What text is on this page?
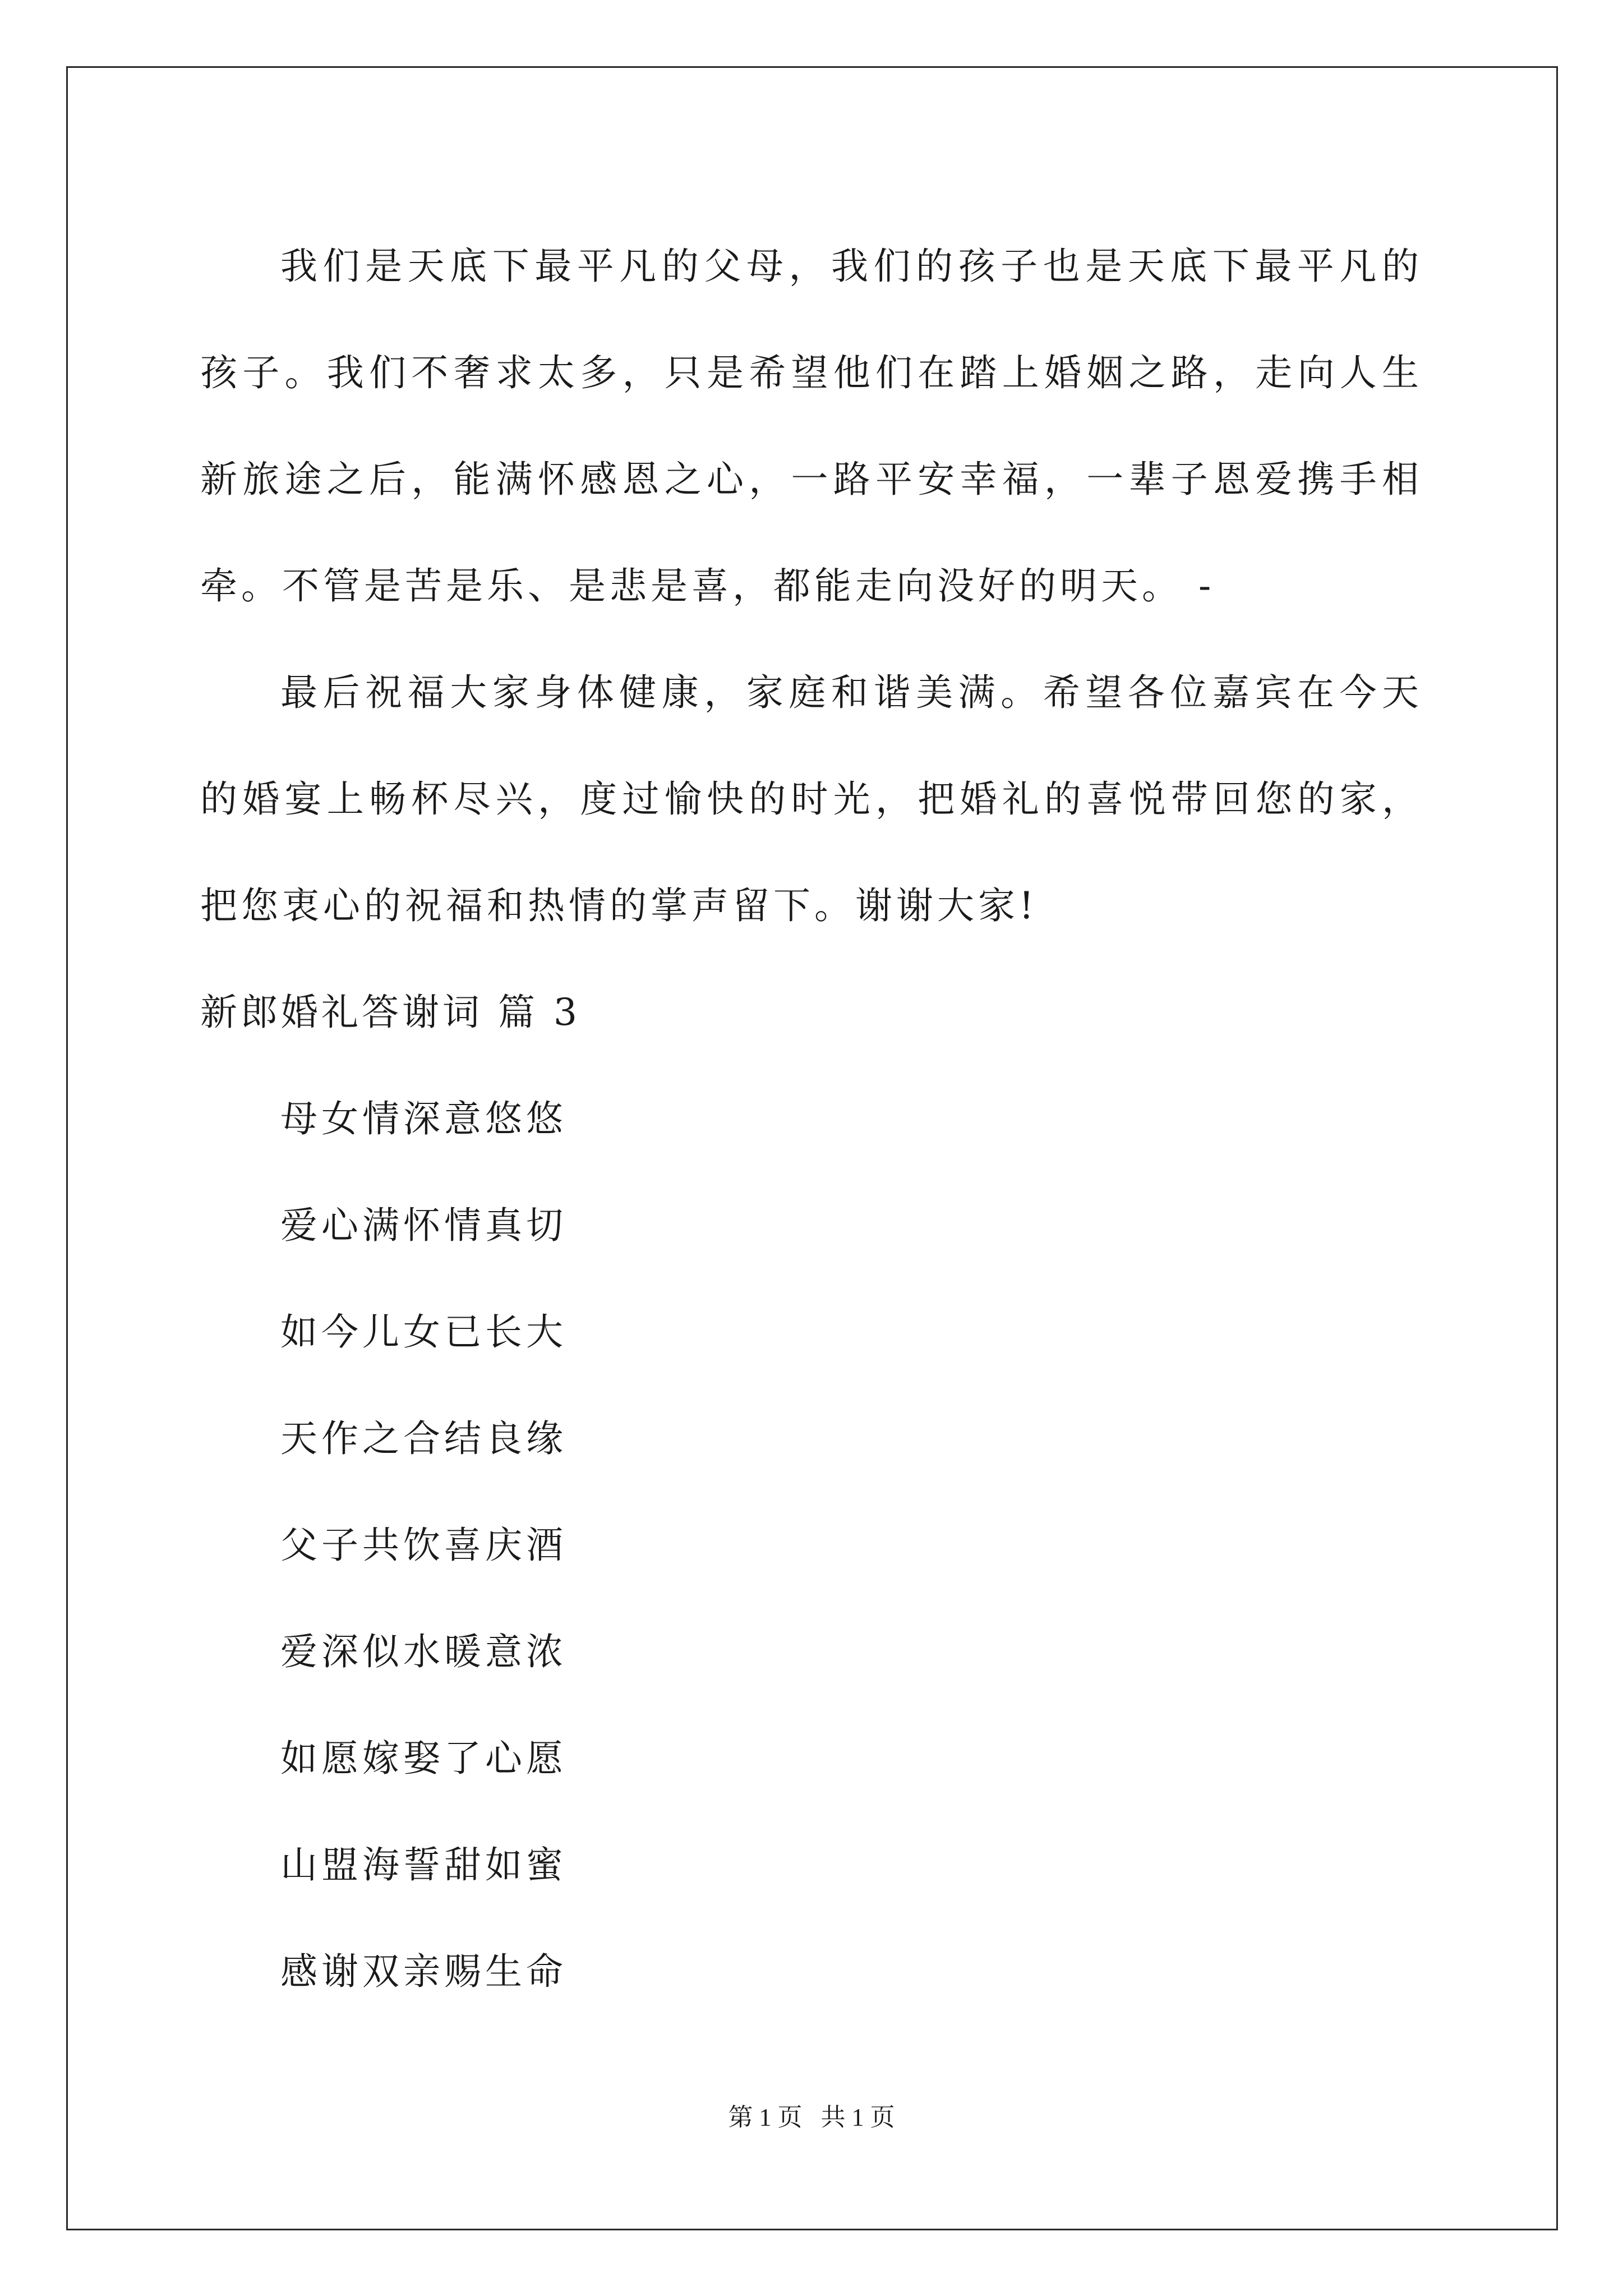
我们是天底下最平凡的父母，我们的孩子也是天底下最平凡的孩子。我们不奢求太多，只是希望他们在踏上婚姻之路，走向人生新旅途之后，能满怀感恩之心，一路平安幸福，一辈子恩爱携手相牵。不管是苦是乐、是悲是喜，都能走向没好的明天。 -

最后祝福大家身体健康，家庭和谐美满。希望各位嘉宾在今天的婚宴上畅杯尽兴，度过愉快的时光，把婚礼的喜悦带回您的家，把您衷心的祝福和热情的掌声留下。谢谢大家!

新郎婚礼答谢词 篇 3

母女情深意悠悠

爱心满怀情真切

如今儿女已长大

天作之合结良缘

父子共饮喜庆酒

爱深似水暖意浓

如愿嫁娶了心愿

山盟海誓甜如蜜

感谢双亲赐生命

第 1 页   共 1 页
